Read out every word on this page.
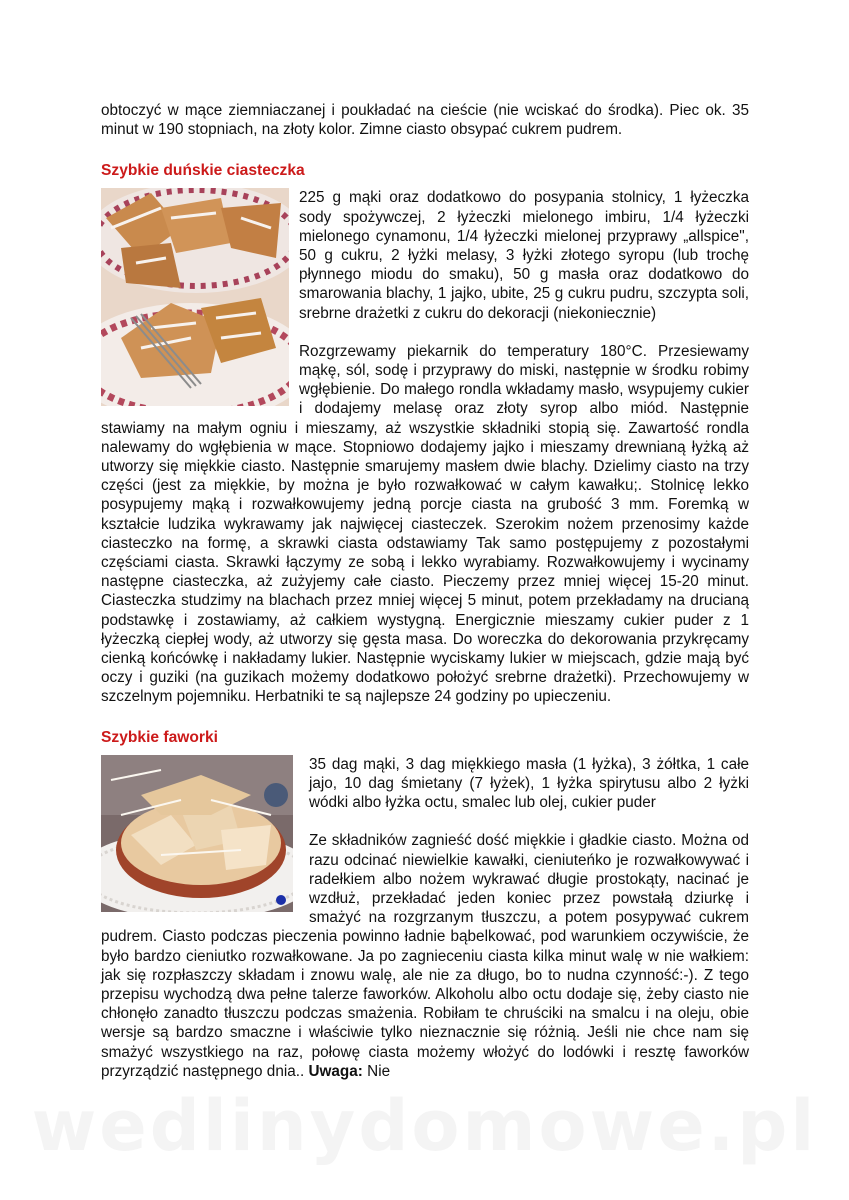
obtoczyć w mące ziemniaczanej i poukładać na cieście (nie wciskać do środka). Piec ok. 35 minut w 190 stopniach, na złoty kolor. Zimne ciasto obsypać cukrem pudrem.

Szybkie duńskie ciasteczka

225 g mąki oraz dodatkowo do posypania stolnicy, 1 łyżeczka sody spożywczej, 2 łyżeczki mielonego imbiru, 1/4 łyżeczki mielonego cynamonu, 1/4 łyżeczki mielonej przyprawy „allspice", 50 g cukru, 2 łyżki melasy, 3 łyżki złotego syropu (lub trochę płynnego miodu do smaku), 50 g masła oraz dodatkowo do smarowania blachy, 1 jajko, ubite, 25 g cukru pudru, szczypta soli, srebrne drażetki z cukru do dekoracji (niekoniecznie)

Rozgrzewamy piekarnik do temperatury 180°C. Przesiewamy mąkę, sól, sodę i przyprawy do miski, następnie w środku robimy wgłębienie. Do małego rondla wkładamy masło, wsypujemy cukier i dodajemy melasę oraz złoty syrop albo miód. Następnie stawiamy na małym ogniu i mieszamy, aż wszystkie składniki stopią się. Zawartość rondla nalewamy do wgłębienia w mące. Stopniowo dodajemy jajko i mieszamy drewnianą łyżką aż utworzy się miękkie ciasto. Następnie smarujemy masłem dwie blachy. Dzielimy ciasto na trzy części (jest za miękkie, by można je było rozwałkować w całym kawałku;. Stolnicę lekko posypujemy mąką i rozwałkowujemy jedną porcje ciasta na grubość 3 mm. Foremką w kształcie ludzika wykrawamy jak najwięcej ciasteczek. Szerokim nożem przenosimy każde ciasteczko na formę, a skrawki ciasta odstawiamy Tak samo postępujemy z pozostałymi częściami ciasta. Skrawki łączymy ze sobą i lekko wyrabiamy. Rozwałkowujemy i wycinamy następne ciasteczka, aż zużyjemy całe ciasto. Pieczemy przez mniej więcej 15-20 minut. Ciasteczka studzimy na blachach przez mniej więcej 5 minut, potem przekładamy na drucianą podstawkę i zostawiamy, aż całkiem wystygną. Energicznie mieszamy cukier puder z 1 łyżeczką ciepłej wody, aż utworzy się gęsta masa. Do woreczka do dekorowania przykręcamy cienką końcówkę i nakładamy lukier. Następnie wyciskamy lukier w miejscach, gdzie mają być oczy i guziki (na guzikach możemy dodatkowo położyć srebrne drażetki). Przechowujemy w szczelnym pojemniku. Herbatniki te są najlepsze 24 godziny po upieczeniu.

Szybkie faworki

35 dag mąki, 3 dag miękkiego masła (1 łyżka), 3 żółtka, 1 całe jajo, 10 dag śmietany (7 łyżek), 1 łyżka spirytusu albo 2 łyżki wódki albo łyżka octu, smalec lub olej, cukier puder

Ze składników zagnieść dość miękkie i gładkie ciasto. Można od razu odcinać niewielkie kawałki, cieniuteńko je rozwałkowywać i radełkiem albo nożem wykrawać długie prostokąty, nacinać je wzdłuż, przekładać jeden koniec przez powstałą dziurkę i smażyć na rozgrzanym tłuszczu, a potem posypywać cukrem pudrem. Ciasto podczas pieczenia powinno ładnie bąbelkować, pod warunkiem oczywiście, że było bardzo cieniutko rozwałkowane. Ja po zagnieceniu ciasta kilka minut walę w nie wałkiem: jak się rozpłaszczy składam i znowu walę, ale nie za długo, bo to nudna czynność:-). Z tego przepisu wychodzą dwa pełne talerze faworków. Alkoholu albo octu dodaje się, żeby ciasto nie chłonęło zanadto tłuszczu podczas smażenia. Robiłam te chruściki na smalcu i na oleju, obie wersje są bardzo smaczne i właściwie tylko nieznacznie się różnią. Jeśli nie chce nam się smażyć wszystkiego na raz, połowę ciasta możemy włożyć do lodówki i resztę faworków przyrządzić następnego dnia.. Uwaga: Nie

wedlinydomowe.pl
